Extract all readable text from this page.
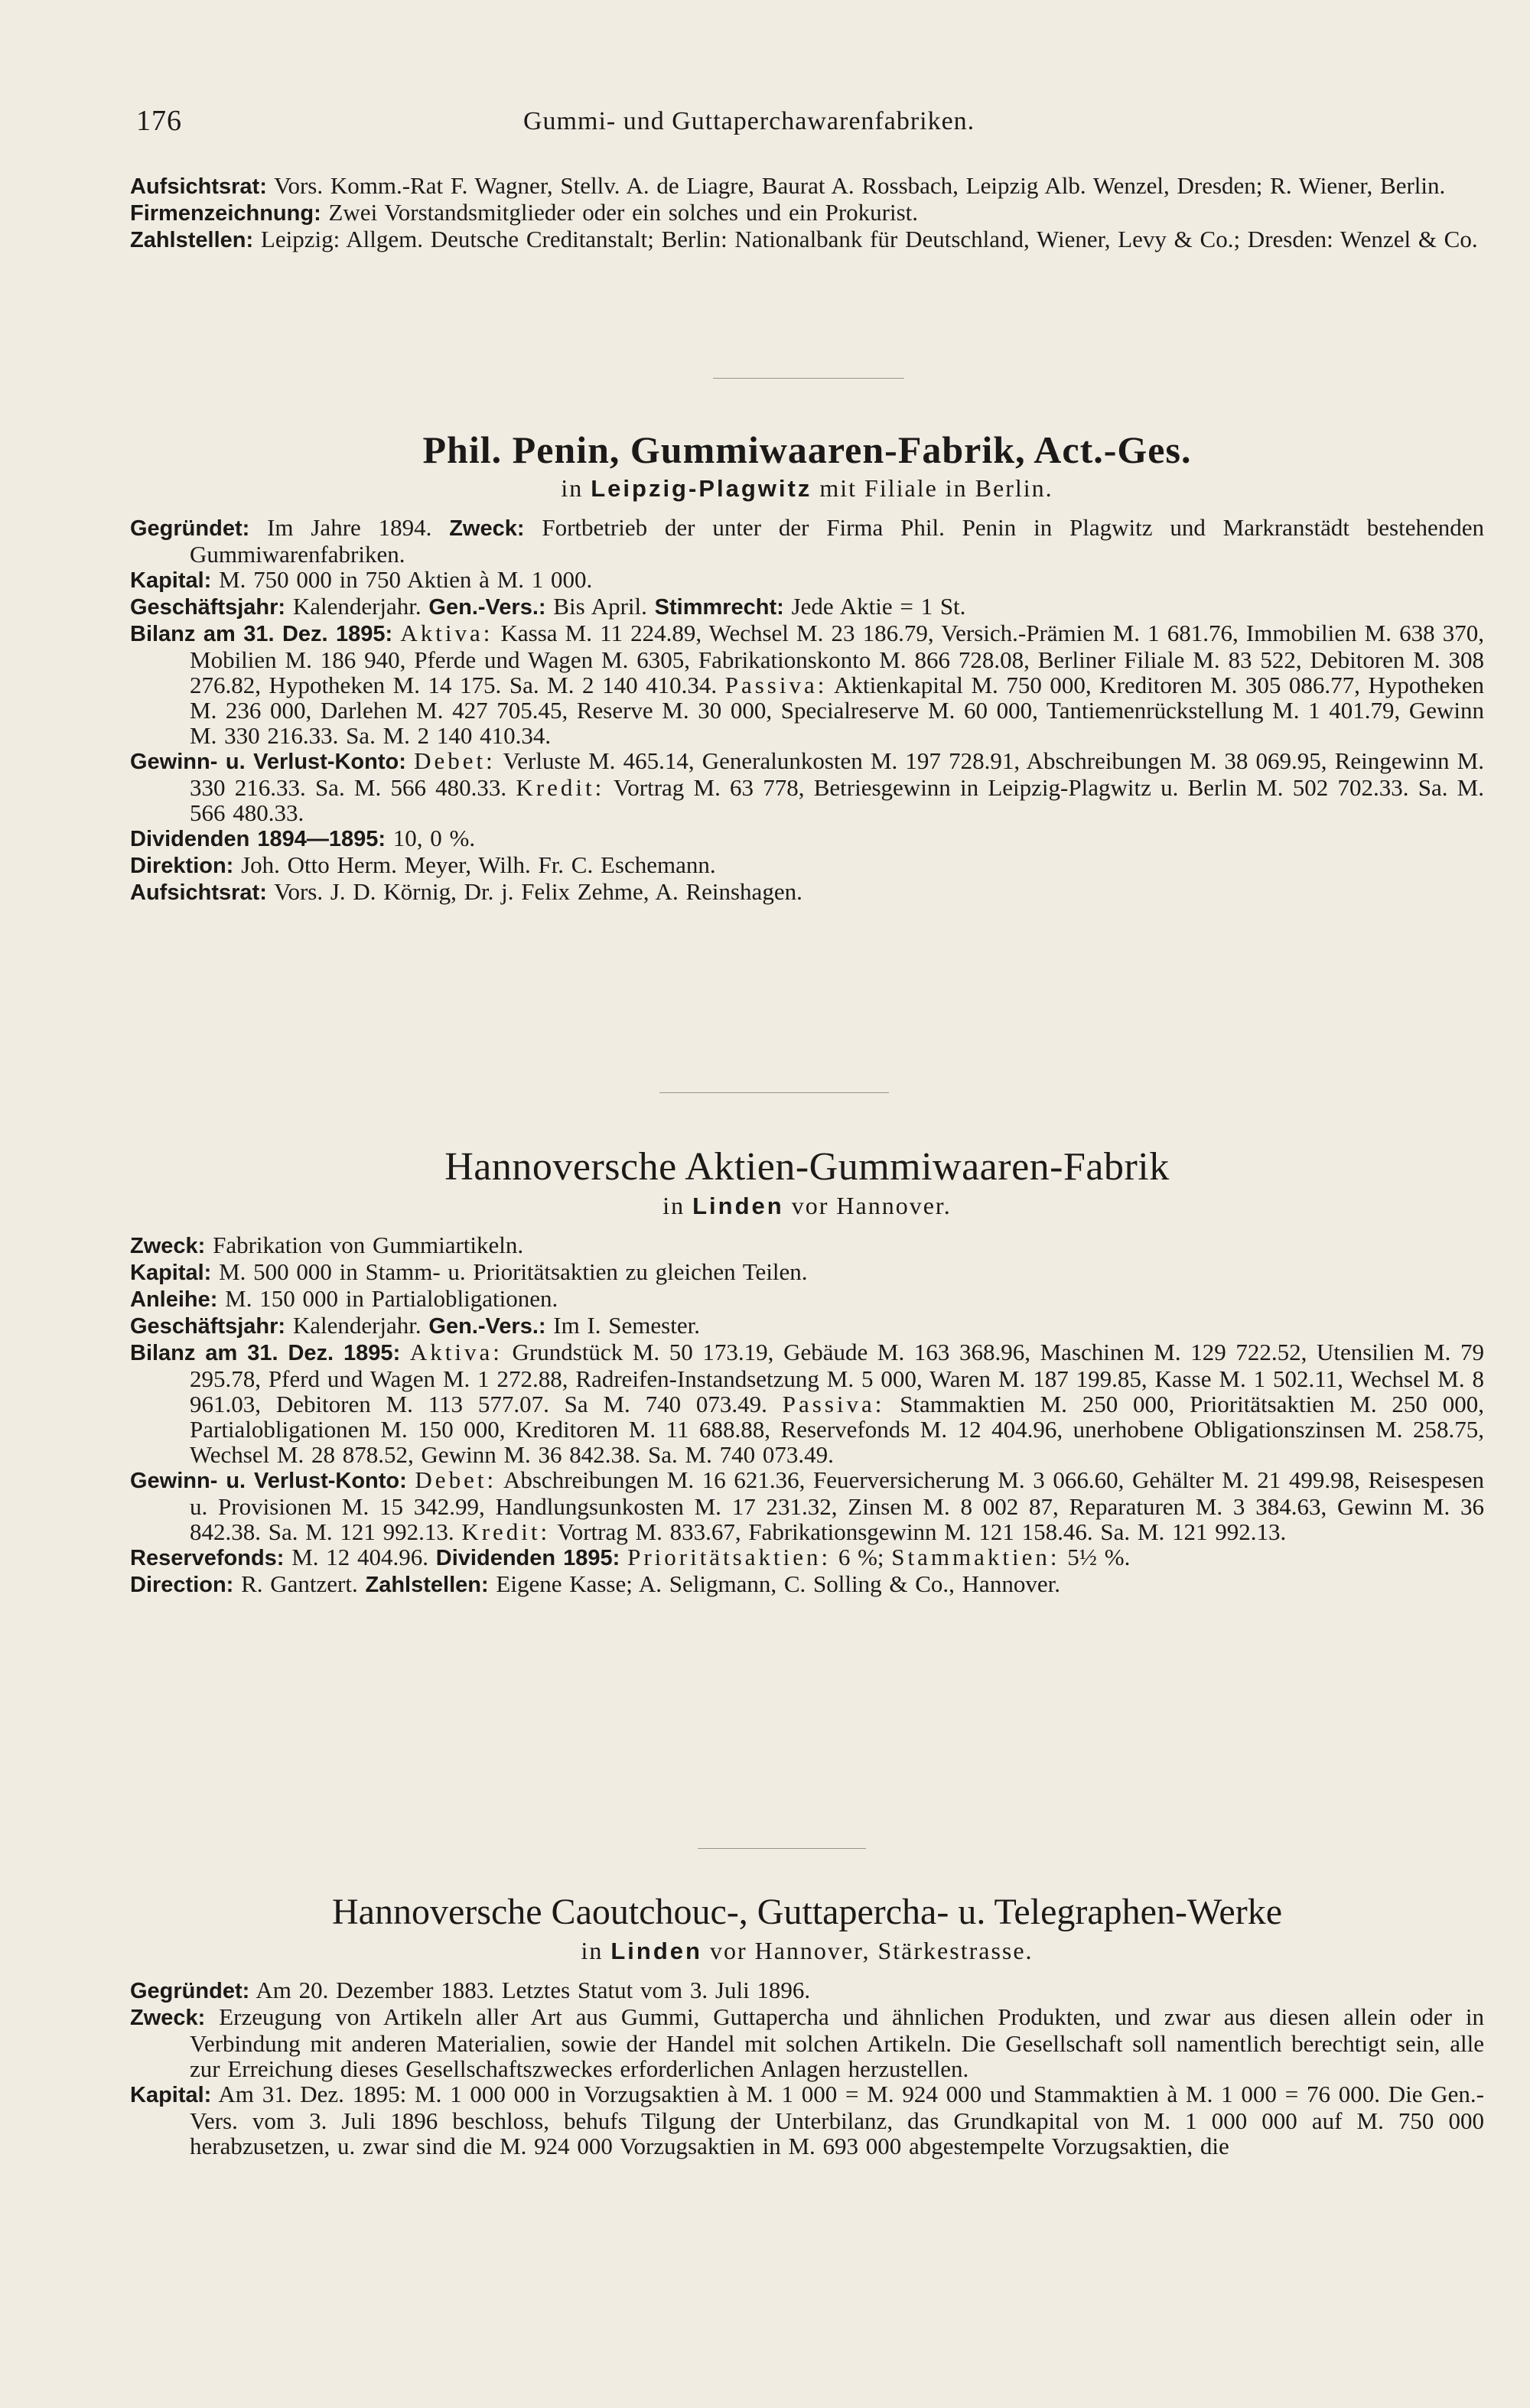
176	Gummi- und Guttaperchawarenfabriken.

Aufsichtsrat: Vors. Komm.-Rat F. Wagner, Stellv. A. de Liagre, Baurat A. Rossbach, Leipzig Alb. Wenzel, Dresden; R. Wiener, Berlin.

Firmenzeichnung: Zwei Vorstandsmitglieder oder ein solches und ein Prokurist.

Zahlstellen: Leipzig: Allgem. Deutsche Creditanstalt; Berlin: Nationalbank für Deutschland, Wiener, Levy & Co.; Dresden: Wenzel & Co.

Phil. Penin, Gummiwaaren-Fabrik, Act.-Ges.
in Leipzig-Plagwitz mit Filiale in Berlin.

Gegründet: Im Jahre 1894. Zweck: Fortbetrieb der unter der Firma Phil. Penin in Plagwitz und Markranstädt bestehenden Gummiwarenfabriken.

Kapital: M. 750 000 in 750 Aktien à M. 1 000.

Geschäftsjahr: Kalenderjahr. Gen.-Vers.: Bis April. Stimmrecht: Jede Aktie = 1 St.

Bilanz am 31. Dez. 1895: Aktiva: Kassa M. 11 224.89, Wechsel M. 23 186.79, Versich.-Prämien M. 1 681.76, Immobilien M. 638 370, Mobilien M. 186 940, Pferde und Wagen M. 6305, Fabrikationskonto M. 866 728.08, Berliner Filiale M. 83 522, Debitoren M. 308 276.82, Hypotheken M. 14 175. Sa. M. 2 140 410.34. Passiva: Aktienkapital M. 750 000, Kreditoren M. 305 086.77, Hypotheken M. 236 000, Darlehen M. 427 705.45, Reserve M. 30 000, Specialreserve M. 60 000, Tantiemenrückstellung M. 1 401.79, Gewinn M. 330 216.33. Sa. M. 2 140 410.34.

Gewinn- u. Verlust-Konto: Debet: Verluste M. 465.14, Generalunkosten M. 197 728.91, Abschreibungen M. 38 069.95, Reingewinn M. 330 216.33. Sa. M. 566 480.33. Kredit: Vortrag M. 63 778, Betriesgewinn in Leipzig-Plagwitz u. Berlin M. 502 702.33. Sa. M. 566 480.33.

Dividenden 1894—1895: 10, 0 %.

Direktion: Joh. Otto Herm. Meyer, Wilh. Fr. C. Eschemann.

Aufsichtsrat: Vors. J. D. Körnig, Dr. j. Felix Zehme, A. Reinshagen.

Hannoversche Aktien-Gummiwaaren-Fabrik
in Linden vor Hannover.

Zweck: Fabrikation von Gummiartikeln.

Kapital: M. 500 000 in Stamm- u. Prioritätsaktien zu gleichen Teilen.

Anleihe: M. 150 000 in Partialobligationen.

Geschäftsjahr: Kalenderjahr. Gen.-Vers.: Im I. Semester.

Bilanz am 31. Dez. 1895: Aktiva: Grundstück M. 50 173.19, Gebäude M. 163 368.96, Maschinen M. 129 722.52, Utensilien M. 79 295.78, Pferd und Wagen M. 1 272.88, Radreifen-Instandsetzung M. 5 000, Waren M. 187 199.85, Kasse M. 1 502.11, Wechsel M. 8 961.03, Debitoren M. 113 577.07. Sa M. 740 073.49. Passiva: Stammaktien M. 250 000, Prioritätsaktien M. 250 000, Partialobligationen M. 150 000, Kreditoren M. 11 688.88, Reservefonds M. 12 404.96, unerhobene Obligationszinsen M. 258.75, Wechsel M. 28 878.52, Gewinn M. 36 842.38. Sa. M. 740 073.49.

Gewinn- u. Verlust-Konto: Debet: Abschreibungen M. 16 621.36, Feuerversicherung M. 3 066.60, Gehälter M. 21 499.98, Reisespesen u. Provisionen M. 15 342.99, Handlungsunkosten M. 17 231.32, Zinsen M. 8 002 87, Reparaturen M. 3 384.63, Gewinn M. 36 842.38. Sa. M. 121 992.13. Kredit: Vortrag M. 833.67, Fabrikationsgewinn M. 121 158.46. Sa. M. 121 992.13.

Reservefonds: M. 12 404.96. Dividenden 1895: Prioritätsaktien: 6 %; Stammaktien: 5½ %.

Direction: R. Gantzert. Zahlstellen: Eigene Kasse; A. Seligmann, C. Solling & Co., Hannover.

Hannoversche Caoutchouc-, Guttapercha- u. Telegraphen-Werke
in Linden vor Hannover, Stärkestrasse.

Gegründet: Am 20. Dezember 1883. Letztes Statut vom 3. Juli 1896.

Zweck: Erzeugung von Artikeln aller Art aus Gummi, Guttapercha und ähnlichen Produkten, und zwar aus diesen allein oder in Verbindung mit anderen Materialien, sowie der Handel mit solchen Artikeln. Die Gesellschaft soll namentlich berechtigt sein, alle zur Erreichung dieses Gesellschaftszweckes erforderlichen Anlagen herzustellen.

Kapital: Am 31. Dez. 1895: M. 1 000 000 in Vorzugsaktien à M. 1 000 = M. 924 000 und Stammaktien à M. 1 000 = 76 000. Die Gen.-Vers. vom 3. Juli 1896 beschloss, behufs Tilgung der Unterbilanz, das Grundkapital von M. 1 000 000 auf M. 750 000 herabzusetzen, u. zwar sind die M. 924 000 Vorzugsaktien in M. 693 000 abgestempelte Vorzugsaktien, die
